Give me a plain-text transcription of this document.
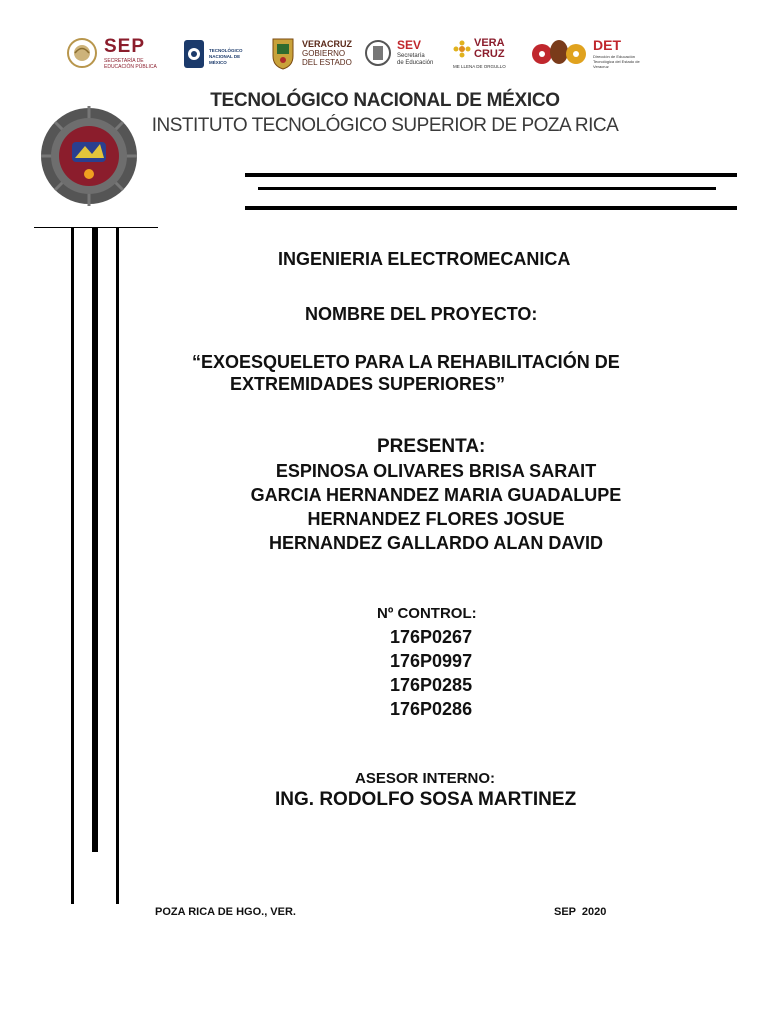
SEP
SECRETARÍA DE EDUCACIÓN PÚBLICA
TECNOLÓGICO NACIONAL DE MÉXICO
VERACRUZ
GOBIERNO
DEL ESTADO
SEV
Secretaría
de Educación
VERA
CRUZ
ME LLENA DE ORGULLO
DET
Dirección de Educación Tecnológica del Estado de Veracruz
TECNOLÓGICO NACIONAL DE MÉXICO
INSTITUTO TECNOLÓGICO SUPERIOR DE POZA RICA
INGENIERIA ELECTROMECANICA
NOMBRE DEL PROYECTO:
“EXOESQUELETO PARA LA REHABILITACIÓN DE
EXTREMIDADES SUPERIORES”
PRESENTA:
ESPINOSA OLIVARES BRISA SARAIT
GARCIA HERNANDEZ MARIA GUADALUPE
HERNANDEZ FLORES JOSUE
HERNANDEZ GALLARDO ALAN DAVID
Nº CONTROL:
176P0267
176P0997
176P0285
176P0286
ASESOR INTERNO:
ING. RODOLFO SOSA MARTINEZ
POZA RICA DE HGO., VER.	SEP  2020
